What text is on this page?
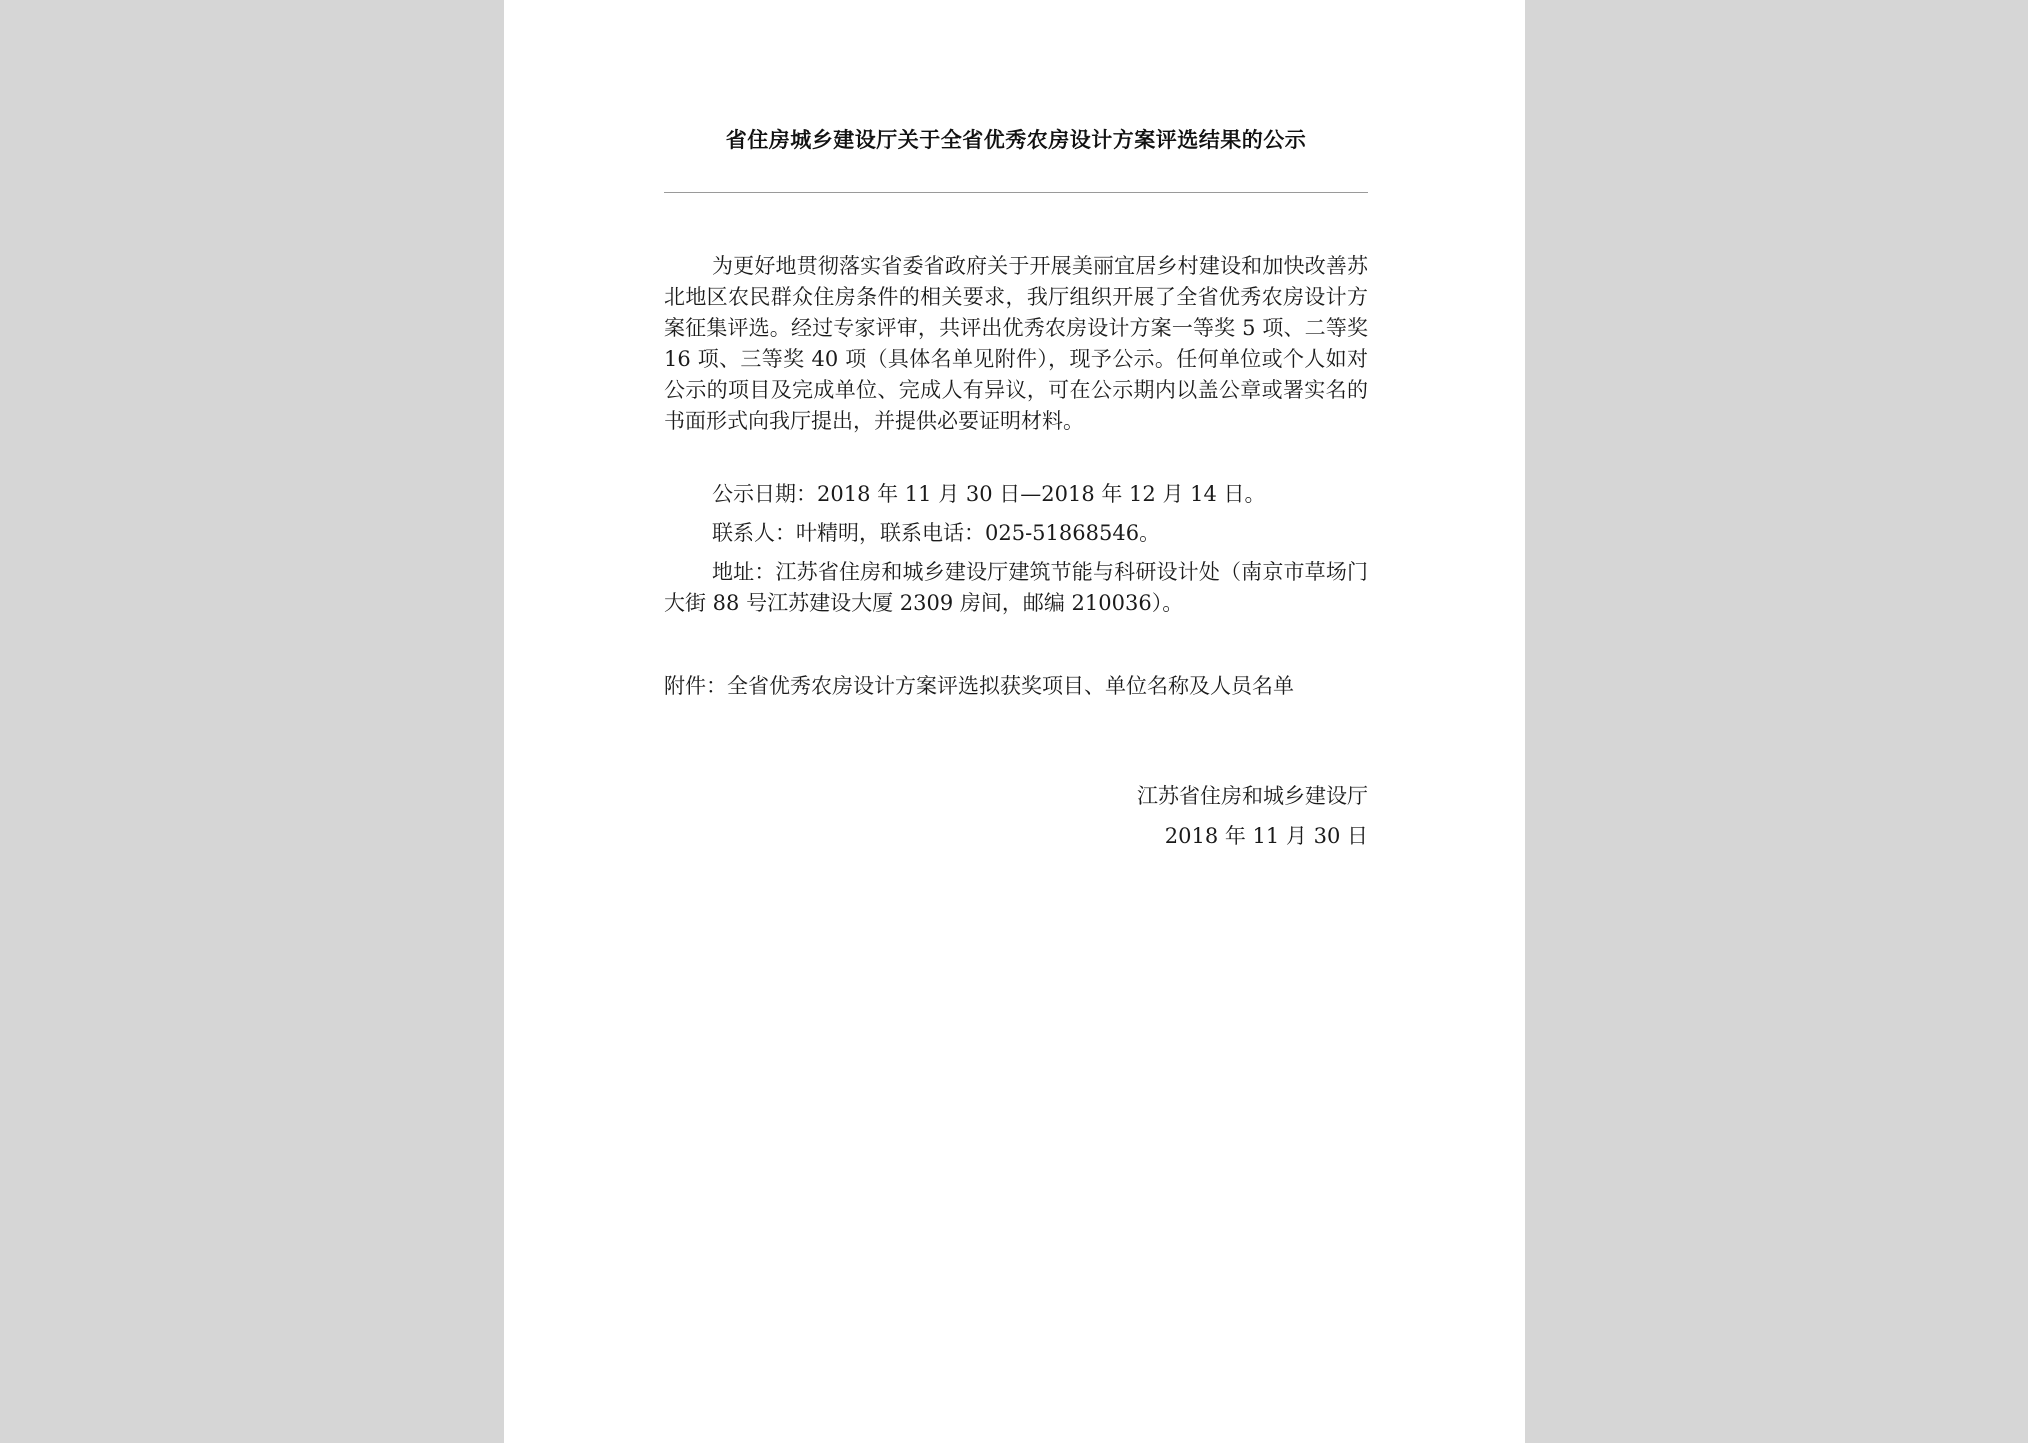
省住房城乡建设厅关于全省优秀农房设计方案评选结果的公示
为更好地贯彻落实省委省政府关于开展美丽宜居乡村建设和加快改善苏北地区农民群众住房条件的相关要求，我厅组织开展了全省优秀农房设计方案征集评选。经过专家评审，共评出优秀农房设计方案一等奖 5 项、二等奖 16 项、三等奖 40 项（具体名单见附件），现予公示。任何单位或个人如对公示的项目及完成单位、完成人有异议，可在公示期内以盖公章或署实名的书面形式向我厅提出，并提供必要证明材料。
公示日期：2018 年 11 月 30 日—2018 年 12 月 14 日。
联系人：叶精明，联系电话：025-51868546。
地址：江苏省住房和城乡建设厅建筑节能与科研设计处（南京市草场门大街 88 号江苏建设大厦 2309 房间，邮编 210036）。
附件：全省优秀农房设计方案评选拟获奖项目、单位名称及人员名单
江苏省住房和城乡建设厅
2018 年 11 月 30 日
